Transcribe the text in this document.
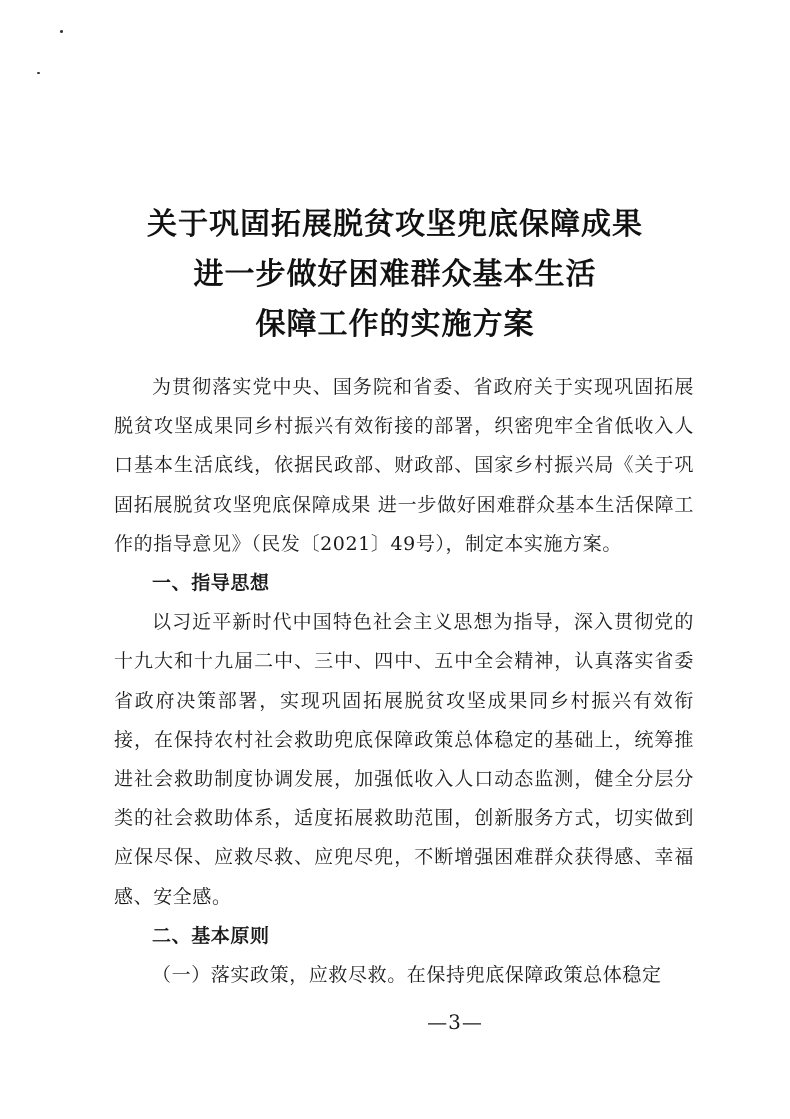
关于巩固拓展脱贫攻坚兜底保障成果
进一步做好困难群众基本生活
保障工作的实施方案

为贯彻落实党中央、国务院和省委、省政府关于实现巩固拓展脱贫攻坚成果同乡村振兴有效衔接的部署，织密兜牢全省低收入人口基本生活底线，依据民政部、财政部、国家乡村振兴局《关于巩固拓展脱贫攻坚兜底保障成果 进一步做好困难群众基本生活保障工作的指导意见》（民发〔2021〕49号），制定本实施方案。

一、指导思想

以习近平新时代中国特色社会主义思想为指导，深入贯彻党的十九大和十九届二中、三中、四中、五中全会精神，认真落实省委省政府决策部署，实现巩固拓展脱贫攻坚成果同乡村振兴有效衔接，在保持农村社会救助兜底保障政策总体稳定的基础上，统筹推进社会救助制度协调发展，加强低收入人口动态监测，健全分层分类的社会救助体系，适度拓展救助范围，创新服务方式，切实做到应保尽保、应救尽救、应兜尽兜，不断增强困难群众获得感、幸福感、安全感。

二、基本原则

（一）落实政策，应救尽救。在保持兜底保障政策总体稳定

—3—
